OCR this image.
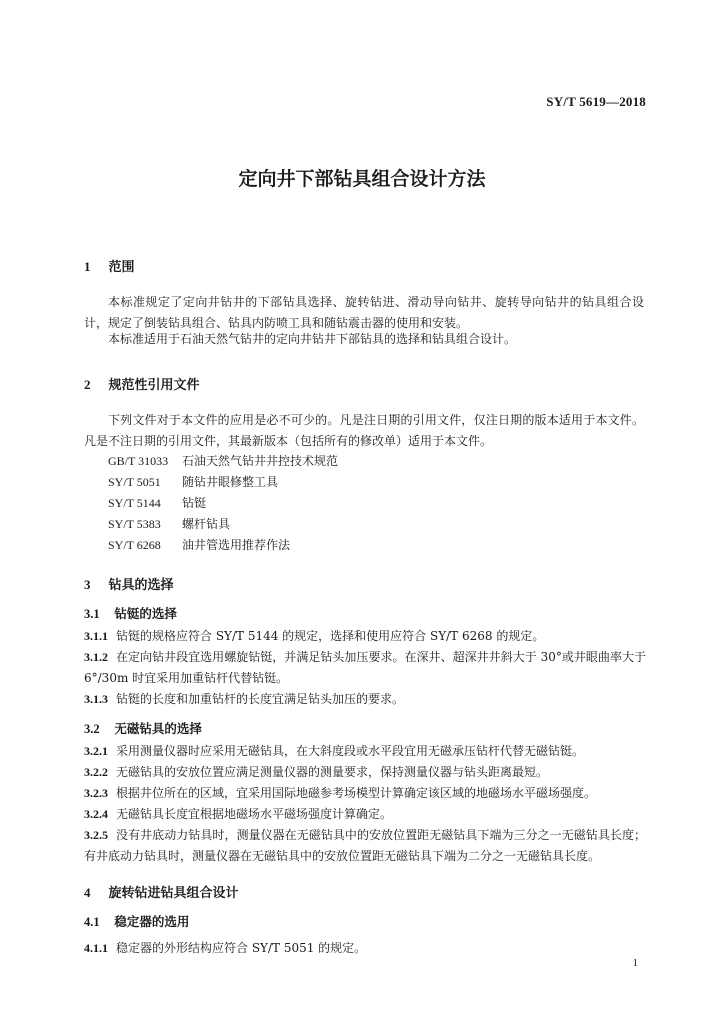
SY/T 5619—2018
定向井下部钻具组合设计方法
1 范围
本标准规定了定向井钻井的下部钻具选择、旋转钻进、滑动导向钻井、旋转导向钻井的钻具组合设计，规定了倒装钻具组合、钻具内防喷工具和随钻震击器的使用和安装。
本标准适用于石油天然气钻井的定向井钻井下部钻具的选择和钻具组合设计。
2 规范性引用文件
下列文件对于本文件的应用是必不可少的。凡是注日期的引用文件，仅注日期的版本适用于本文件。凡是不注日期的引用文件，其最新版本（包括所有的修改单）适用于本文件。
GB/T 31033 石油天然气钻井井控技术规范
SY/T 5051 随钻井眼修整工具
SY/T 5144 钻铤
SY/T 5383 螺杆钻具
SY/T 6268 油井管选用推荐作法
3 钻具的选择
3.1 钻铤的选择
3.1.1 钻铤的规格应符合 SY/T 5144 的规定，选择和使用应符合 SY/T 6268 的规定。
3.1.2 在定向钻井段宜选用螺旋钻铤，并满足钻头加压要求。在深井、超深井井斜大于 30°或井眼曲率大于 6°/30m 时宜采用加重钻杆代替钻铤。
3.1.3 钻铤的长度和加重钻杆的长度宜满足钻头加压的要求。
3.2 无磁钻具的选择
3.2.1 采用测量仪器时应采用无磁钻具，在大斜度段或水平段宜用无磁承压钻杆代替无磁钻铤。
3.2.2 无磁钻具的安放位置应满足测量仪器的测量要求，保持测量仪器与钻头距离最短。
3.2.3 根据井位所在的区域，宜采用国际地磁参考场模型计算确定该区域的地磁场水平磁场强度。
3.2.4 无磁钻具长度宜根据地磁场水平磁场强度计算确定。
3.2.5 没有井底动力钻具时，测量仪器在无磁钻具中的安放位置距无磁钻具下端为三分之一无磁钻具长度；有井底动力钻具时，测量仪器在无磁钻具中的安放位置距无磁钻具下端为二分之一无磁钻具长度。
4 旋转钻进钻具组合设计
4.1 稳定器的选用
4.1.1 稳定器的外形结构应符合 SY/T 5051 的规定。
1
